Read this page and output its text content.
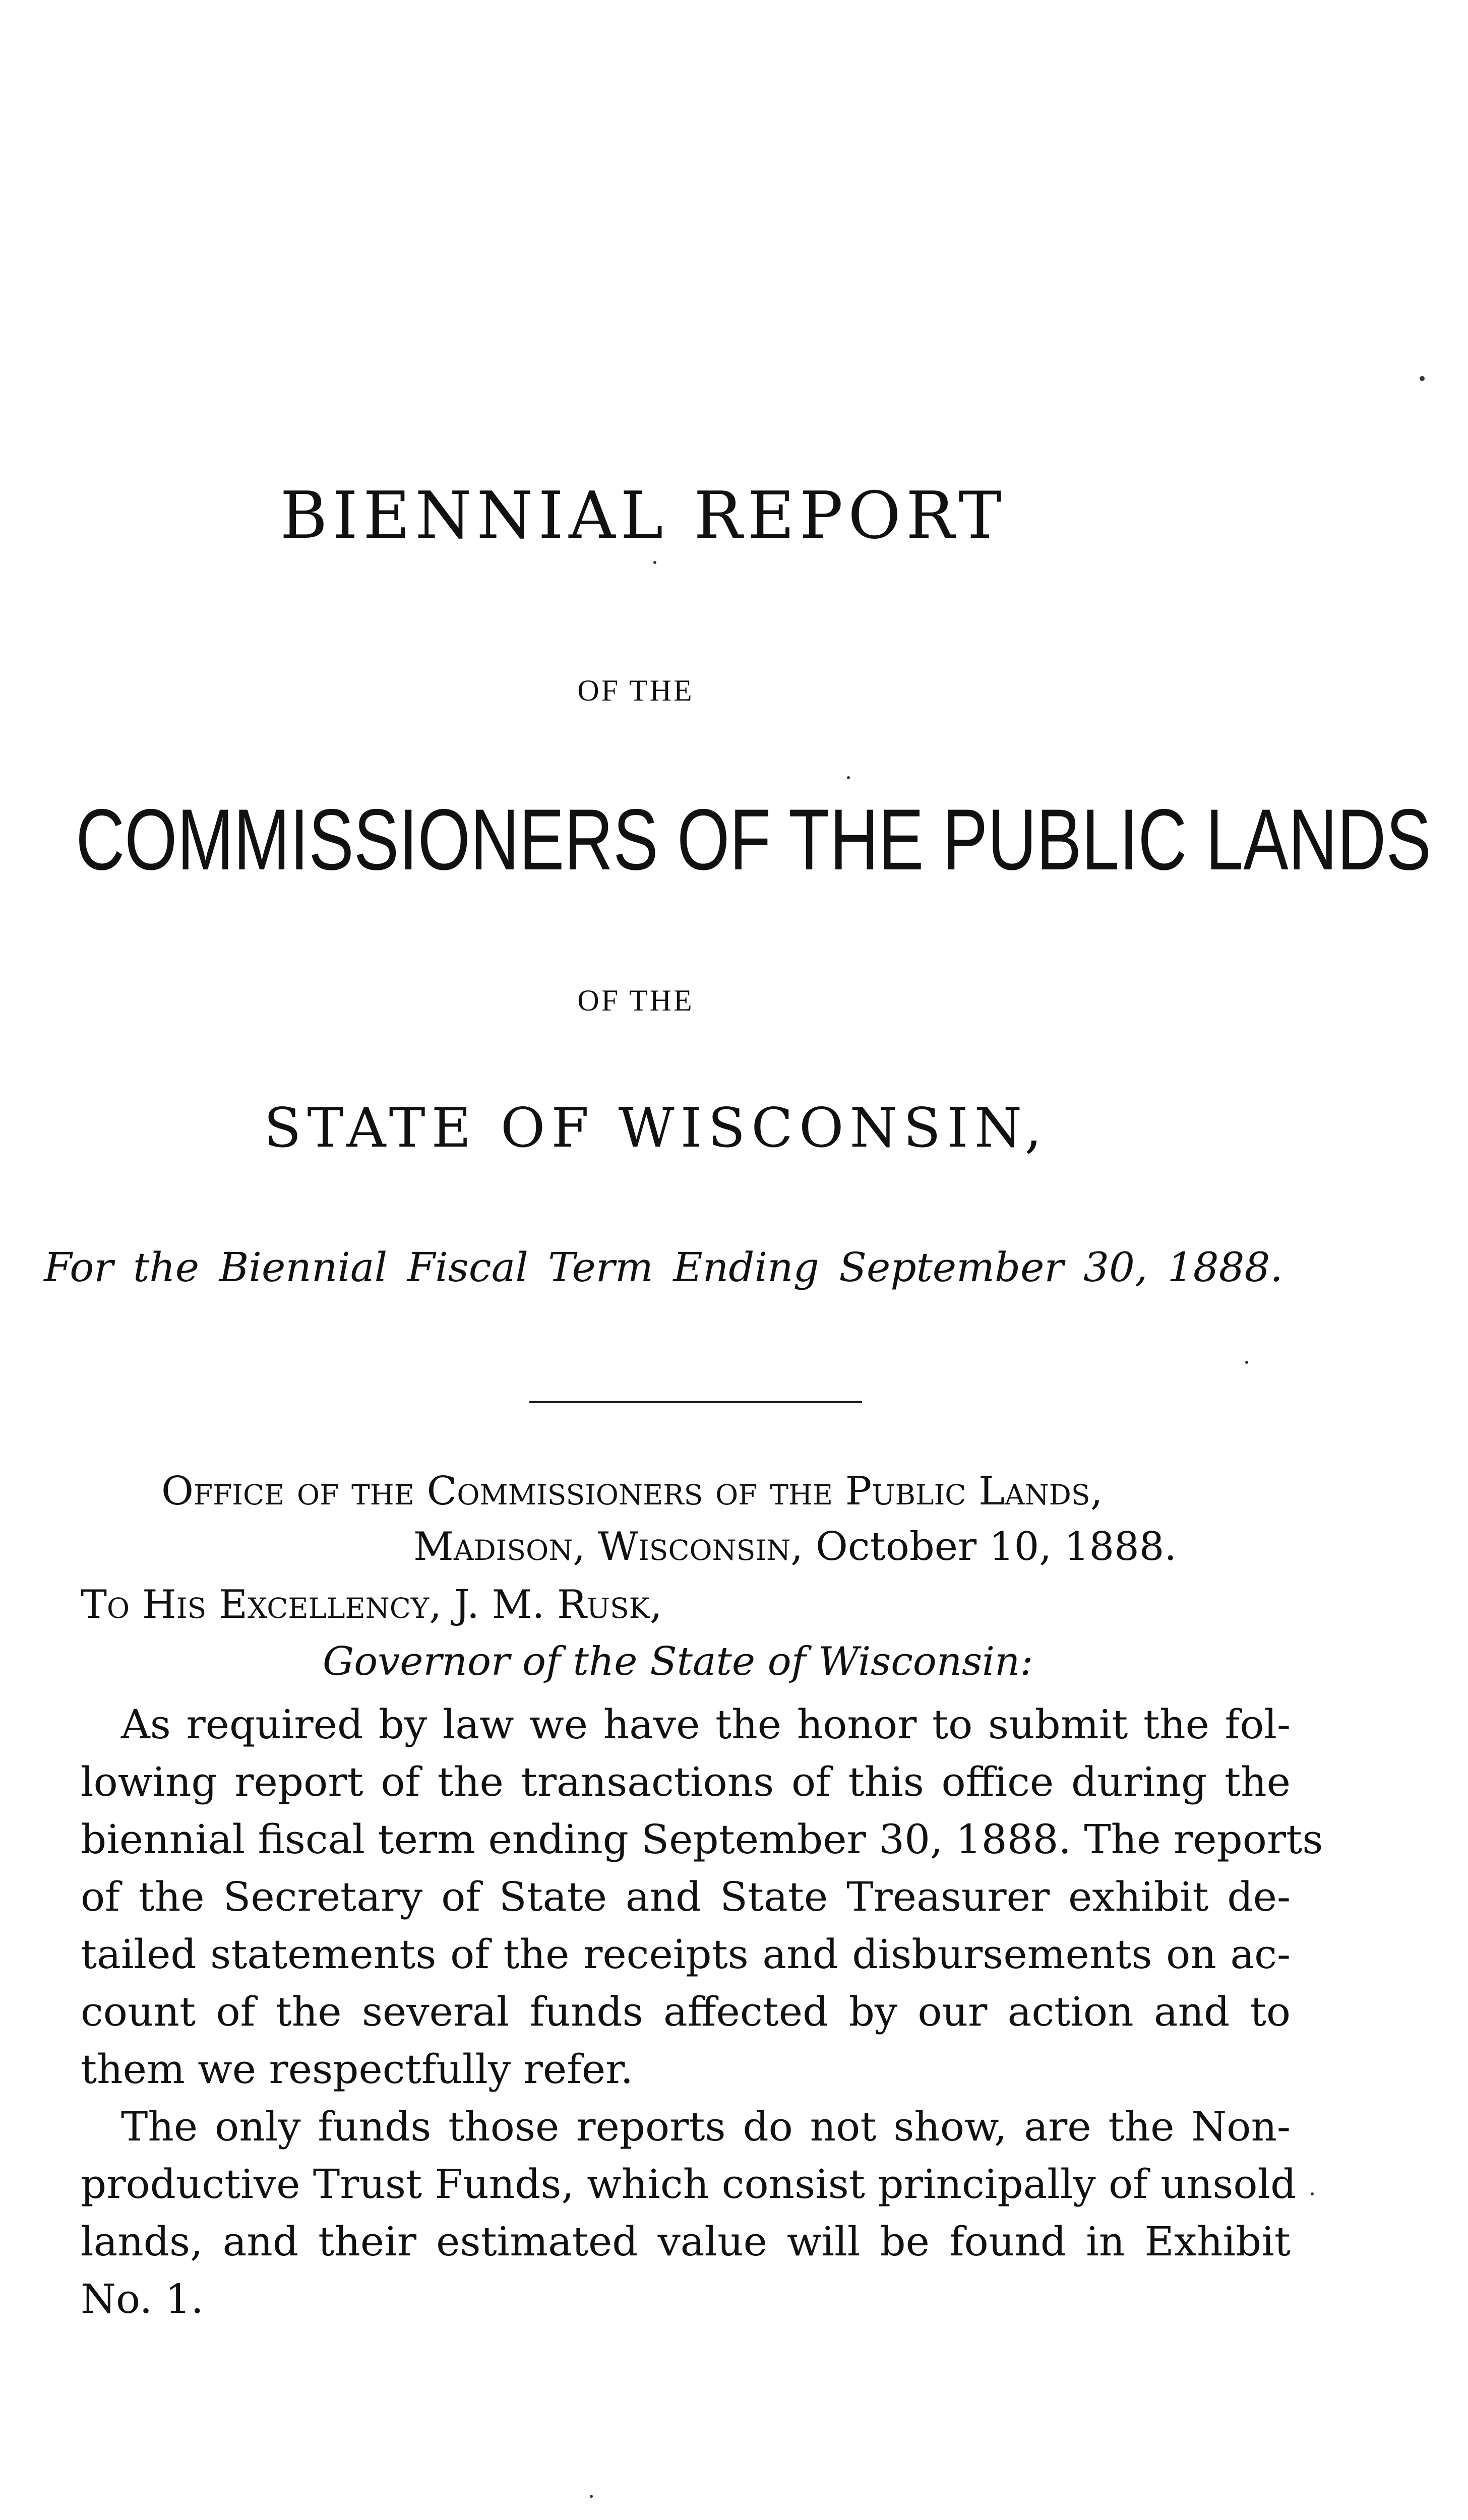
BIENNIAL REPORT
OF THE
COMMISSIONERS OF THE PUBLIC LANDS
OF THE
STATE OF WISCONSIN,
For the Biennial Fiscal Term Ending September 30, 1888.
Office of the Commissioners of the Public Lands,
Madison, Wisconsin, October 10, 1888.
To His Excellency, J. M. Rusk,
Governor of the State of Wisconsin:
As required by law we have the honor to submit the fol-
lowing report of the transactions of this office during the
biennial fiscal term ending September 30, 1888. The reports
of the Secretary of State and State Treasurer exhibit de-
tailed statements of the receipts and disbursements on ac-
count of the several funds affected by our action and to
them we respectfully refer.
The only funds those reports do not show, are the Non-
productive Trust Funds, which consist principally of unsold
lands, and their estimated value will be found in Exhibit
No. 1.
